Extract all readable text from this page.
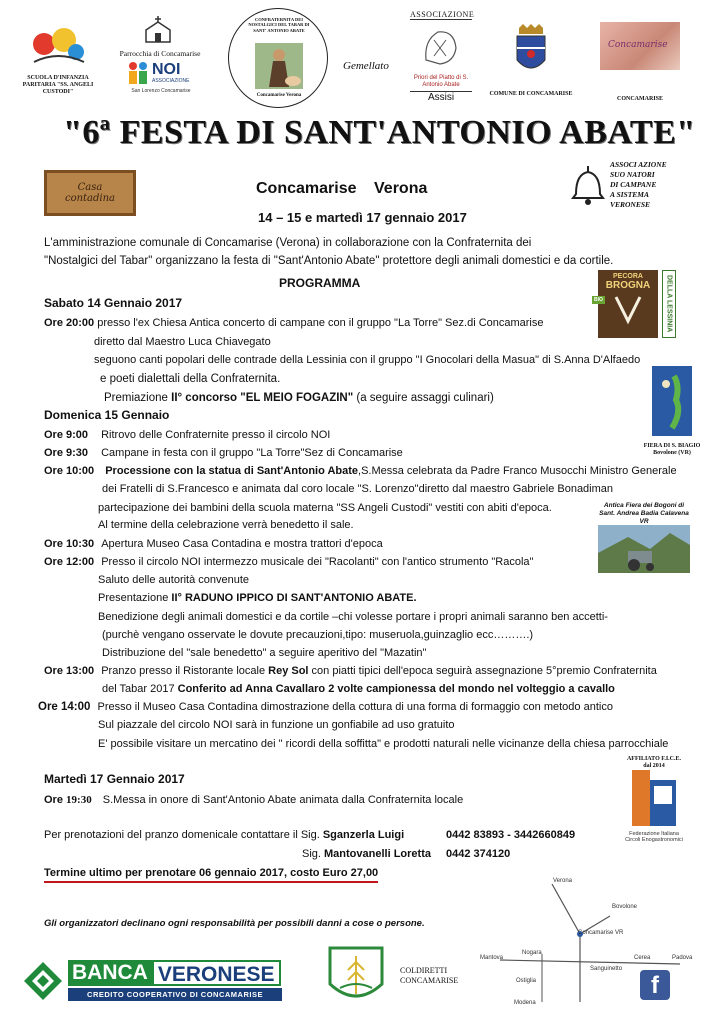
SCUOLA D'INFANZIA PARITARIA "SS. ANGELI CUSTODI"
Parrocchia di Concamarise
NOI
ASSOCIAZIONE
San Lorenzo Concamarise
CONFRATERNITA DEI NOSTALGICI DEL TABAR DI SANT' ANTONIO ABATE
Concamarise Verona
Gemellato
ASSOCIAZIONE
Priori del Piatto di S. Antonio Abate
Assisi	COMUNE DI CONCAMARISE
Concamarise
CONCAMARISE
"6ª FESTA DI SANT'ANTONIO ABATE"
Casa contadina
Concamarise Verona
14 – 15 e martedì 17 gennaio 2017
ASSOCI AZIONE
SUO NATORI
DI CAMPANE
A SISTEMA
VERONESE
L'amministrazione comunale di Concamarise (Verona) in collaborazione con la Confraternita dei
"Nostalgici del Tabar" organizzano la festa di "Sant'Antonio Abate" protettore degli animali domestici e da cortile.
PROGRAMMA
Sabato 14 Gennaio 2017
Ore 20:00 presso l'ex Chiesa Antica concerto di campane con il gruppo "La Torre" Sez.di Concamarise
diretto dal Maestro Luca Chiavegato
seguono canti popolari delle contrade della Lessinia con il gruppo "I Gnocolari della Masua" di S.Anna D'Alfaedo
e poeti dialettali della Confraternita.
Premiazione II° concorso "EL MEIO FOGAZIN" (a seguire assaggi culinari)
Domenica 15 Gennaio
Ore 9:00 Ritrovo delle Confraternite presso il circolo NOI
Ore 9:30 Campane in festa con il gruppo "La Torre"Sez di Concamarise
Ore 10:00 Processione con la statua di Sant'Antonio Abate,S.Messa celebrata da Padre Franco Musocchi Ministro Generale
dei Fratelli di S.Francesco e animata dal coro locale "S. Lorenzo"diretto dal maestro Gabriele Bonadiman
partecipazione dei bambini della scuola materna "SS Angeli Custodi" vestiti con abiti d'epoca.
Al termine della celebrazione verrà benedetto il sale.
Ore 10:30 Apertura Museo Casa Contadina e mostra trattori d'epoca
Ore 12:00 Presso il circolo NOI intermezzo musicale dei "Racolanti" con l'antico strumento "Racola"
Saluto delle autorità convenute
Presentazione II° RADUNO IPPICO DI SANT'ANTONIO ABATE.
Benedizione degli animali domestici e da cortile –chi volesse portare i propri animali saranno ben accetti-
(purchè vengano osservate le dovute precauzioni,tipo: museruola,guinzaglio ecc……….)
Distribuzione del "sale benedetto" a seguire aperitivo del "Mazatin"
Ore 13:00 Pranzo presso il Ristorante locale Rey Sol con piatti tipici dell'epoca seguirà assegnazione 5°premio Confraternita
del Tabar 2017 Conferito ad Anna Cavallaro 2 volte campionessa del mondo nel volteggio a cavallo
Ore 14:00 Presso il Museo Casa Contadina dimostrazione della cottura di una forma di formaggio con metodo antico
Sul piazzale del circolo NOI sarà in funzione un gonfiabile ad uso gratuito
E' possibile visitare un mercatino dei " ricordi della soffitta" e prodotti naturali nelle vicinanze della chiesa parrocchiale
Martedì 17 Gennaio 2017
Ore 19:30 S.Messa in onore di Sant'Antonio Abate animata dalla Confraternita locale
Per prenotazioni del pranzo domenicale contattare il Sig. Sganzerla Luigi	0442 83893 - 3442660849
Sig. Mantovanelli Loretta 0442 374120
Termine ultimo per prenotare 06 gennaio 2017, costo Euro 27,00
Gli organizzatori declinano ogni responsabilità per possibili danni a cose o persone.
PECORA
BROGNA
BIO	DELLA LESSINIA
FIERA DI S. BIAGIO
Bovolone (VR)
Antica Fiera dei Bogoni di Sant. Andrea Badia Calavena VR
AFFILIATO F.I.C.E.
dal 2014
Federazione Italiana
Circoli Enogastronomici
Verona
Bovolone
Concamarise VR
Nogara
Mantova
Sanguinetto
Cerea	Padova
Ostiglia
Modena
f
BANCA VERONESE
CREDITO COOPERATIVO DI CONCAMARISE
COLDIRETTI
CONCAMARISE
